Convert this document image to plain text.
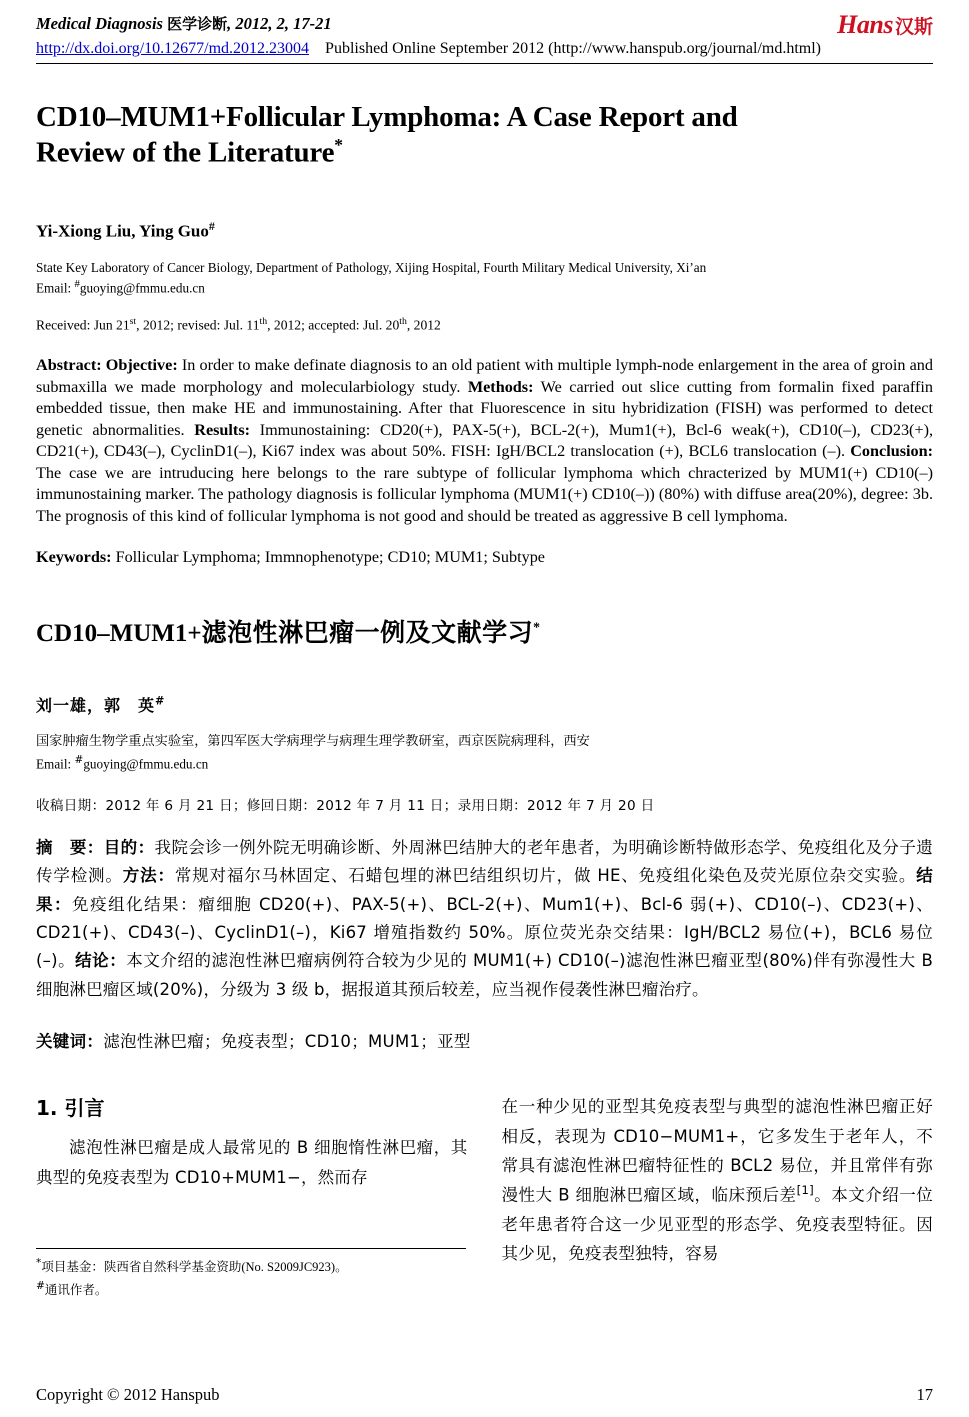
Medical Diagnosis 医学诊断, 2012, 2, 17-21	Hans 汉斯
http://dx.doi.org/10.12677/md.2012.23004 Published Online September 2012 (http://www.hanspub.org/journal/md.html)
CD10–MUM1+Follicular Lymphoma: A Case Report and
Review of the Literature*
Yi-Xiong Liu, Ying Guo#
State Key Laboratory of Cancer Biology, Department of Pathology, Xijing Hospital, Fourth Military Medical University, Xi’an
Email: #guoying@fmmu.edu.cn
Received: Jun 21st, 2012; revised: Jul. 11th, 2012; accepted: Jul. 20th, 2012
Abstract: Objective: In order to make definate diagnosis to an old patient with multiple lymph-node enlargement in the area of groin and submaxilla we made morphology and molecularbiology study. Methods: We carried out slice cutting from formalin fixed paraffin embedded tissue, then make HE and immunostaining. After that Fluorescence in situ hybridization (FISH) was performed to detect genetic abnormalities. Results: Immunostaining: CD20(+), PAX-5(+), BCL-2(+), Mum1(+), Bcl-6 weak(+), CD10(–), CD23(+), CD21(+), CD43(–), CyclinD1(–), Ki67 index was about 50%. FISH: IgH/BCL2 translocation (+), BCL6 translocation (–). Conclusion: The case we are intruducing here belongs to the rare subtype of follicular lymphoma which chracterized by MUM1(+) CD10(–) immunostaining marker. The pathology diagnosis is follicular lymphoma (MUM1(+) CD10(–)) (80%) with diffuse area(20%), degree: 3b. The prognosis of this kind of follicular lymphoma is not good and should be treated as aggressive B cell lymphoma.
Keywords: Follicular Lymphoma; Immnophenotype; CD10; MUM1; Subtype
CD10–MUM1+滤泡性淋巴瘤一例及文献学习*
刘一雄，郭　英#
国家肿瘤生物学重点实验室，第四军医大学病理学与病理生理学教研室，西京医院病理科，西安
Email: #guoying@fmmu.edu.cn
收稿日期：2012 年 6 月 21 日；修回日期：2012 年 7 月 11 日；录用日期：2012 年 7 月 20 日
摘　要：目的：我院会诊一例外院无明确诊断、外周淋巴结肿大的老年患者，为明确诊断特做形态学、免疫组化及分子遗传学检测。方法：常规对福尔马林固定、石蜡包埋的淋巴结组织切片，做 HE、免疫组化染色及荧光原位杂交实验。结果：免疫组化结果：瘤细胞 CD20(+)、PAX-5(+)、BCL-2(+)、Mum1(+)、Bcl-6 弱(+)、CD10(–)、CD23(+)、CD21(+)、CD43(–)、CyclinD1(–)，Ki67 增殖指数约 50%。原位荧光杂交结果：IgH/BCL2 易位(+)，BCL6 易位(–)。结论：本文介绍的滤泡性淋巴瘤病例符合较为少见的 MUM1(+) CD10(–)滤泡性淋巴瘤亚型(80%)伴有弥漫性大 B 细胞淋巴瘤区域(20%)，分级为 3 级 b，据报道其预后较差，应当视作侵袭性淋巴瘤治疗。
关键词：滤泡性淋巴瘤；免疫表型；CD10；MUM1；亚型
1. 引言

滤泡性淋巴瘤是成人最常见的 B 细胞惰性淋巴瘤，其典型的免疫表型为 CD10+MUM1−，然而存

*项目基金：陕西省自然科学基金资助(No. S2009JC923)。
#通讯作者。

在一种少见的亚型其免疫表型与典型的滤泡性淋巴瘤正好相反，表现为 CD10−MUM1+，它多发生于老年人，不常具有滤泡性淋巴瘤特征性的 BCL2 易位，并且常伴有弥漫性大 B 细胞淋巴瘤区域，临床预后差[1]。本文介绍一位老年患者符合这一少见亚型的形态学、免疫表型特征。因其少见，免疫表型独特，容易

Copyright © 2012 Hanspub	17
